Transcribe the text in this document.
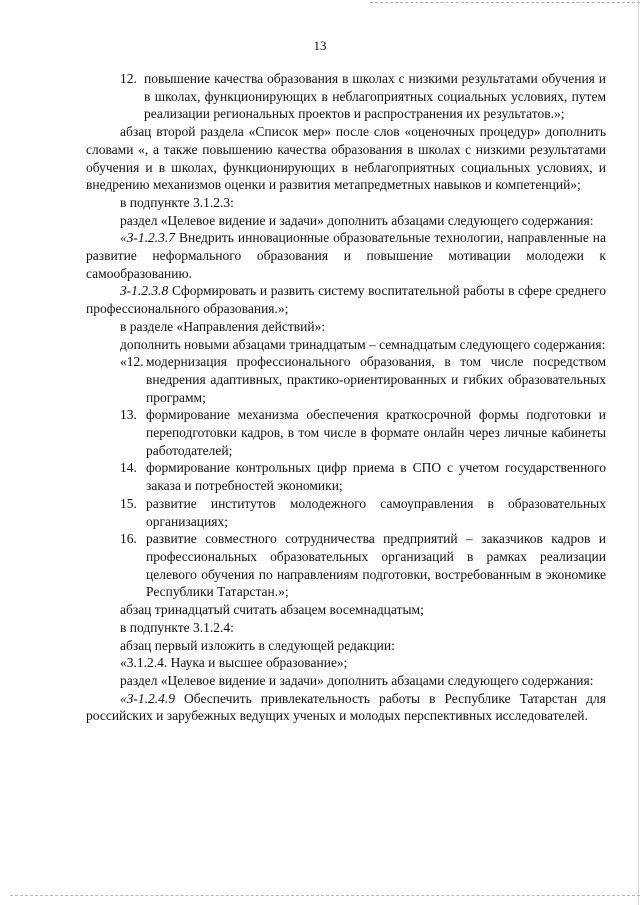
13

12. повышение качества образования в школах с низкими результатами обучения и в школах, функционирующих в неблагоприятных социальных условиях, путем реализации региональных проектов и распространения их результатов.»;

абзац второй раздела «Список мер» после слов «оценочных процедур» дополнить словами «, а также повышению качества образования в школах с низкими результатами обучения и в школах, функционирующих в неблагоприятных социальных условиях, и внедрению механизмов оценки и развития метапредметных навыков и компетенций»;

в подпункте 3.1.2.3:

раздел «Целевое видение и задачи» дополнить абзацами следующего содержания:

«З-1.2.3.7 Внедрить инновационные образовательные технологии, направленные на развитие неформального образования и повышение мотивации молодежи к самообразованию.

З-1.2.3.8 Сформировать и развить систему воспитательной работы в сфере среднего профессионального образования.»;

в разделе «Направления действий»:

дополнить новыми абзацами тринадцатым – семнадцатым следующего содержания:

«12. модернизация профессионального образования, в том числе посредством внедрения адаптивных, практико-ориентированных и гибких образовательных программ;

13. формирование механизма обеспечения краткосрочной формы подготовки и переподготовки кадров, в том числе в формате онлайн через личные кабинеты работодателей;

14. формирование контрольных цифр приема в СПО с учетом государственного заказа и потребностей экономики;

15. развитие институтов молодежного самоуправления в образовательных организациях;

16. развитие совместного сотрудничества предприятий – заказчиков кадров и профессиональных образовательных организаций в рамках реализации целевого обучения по направлениям подготовки, востребованным в экономике Республики Татарстан.»;

абзац тринадцатый считать абзацем восемнадцатым;

в подпункте 3.1.2.4:

абзац первый изложить в следующей редакции:

«3.1.2.4. Наука и высшее образование»;

раздел «Целевое видение и задачи» дополнить абзацами следующего содержания:

«З-1.2.4.9 Обеспечить привлекательность работы в Республике Татарстан для российских и зарубежных ведущих ученых и молодых перспективных исследователей.
